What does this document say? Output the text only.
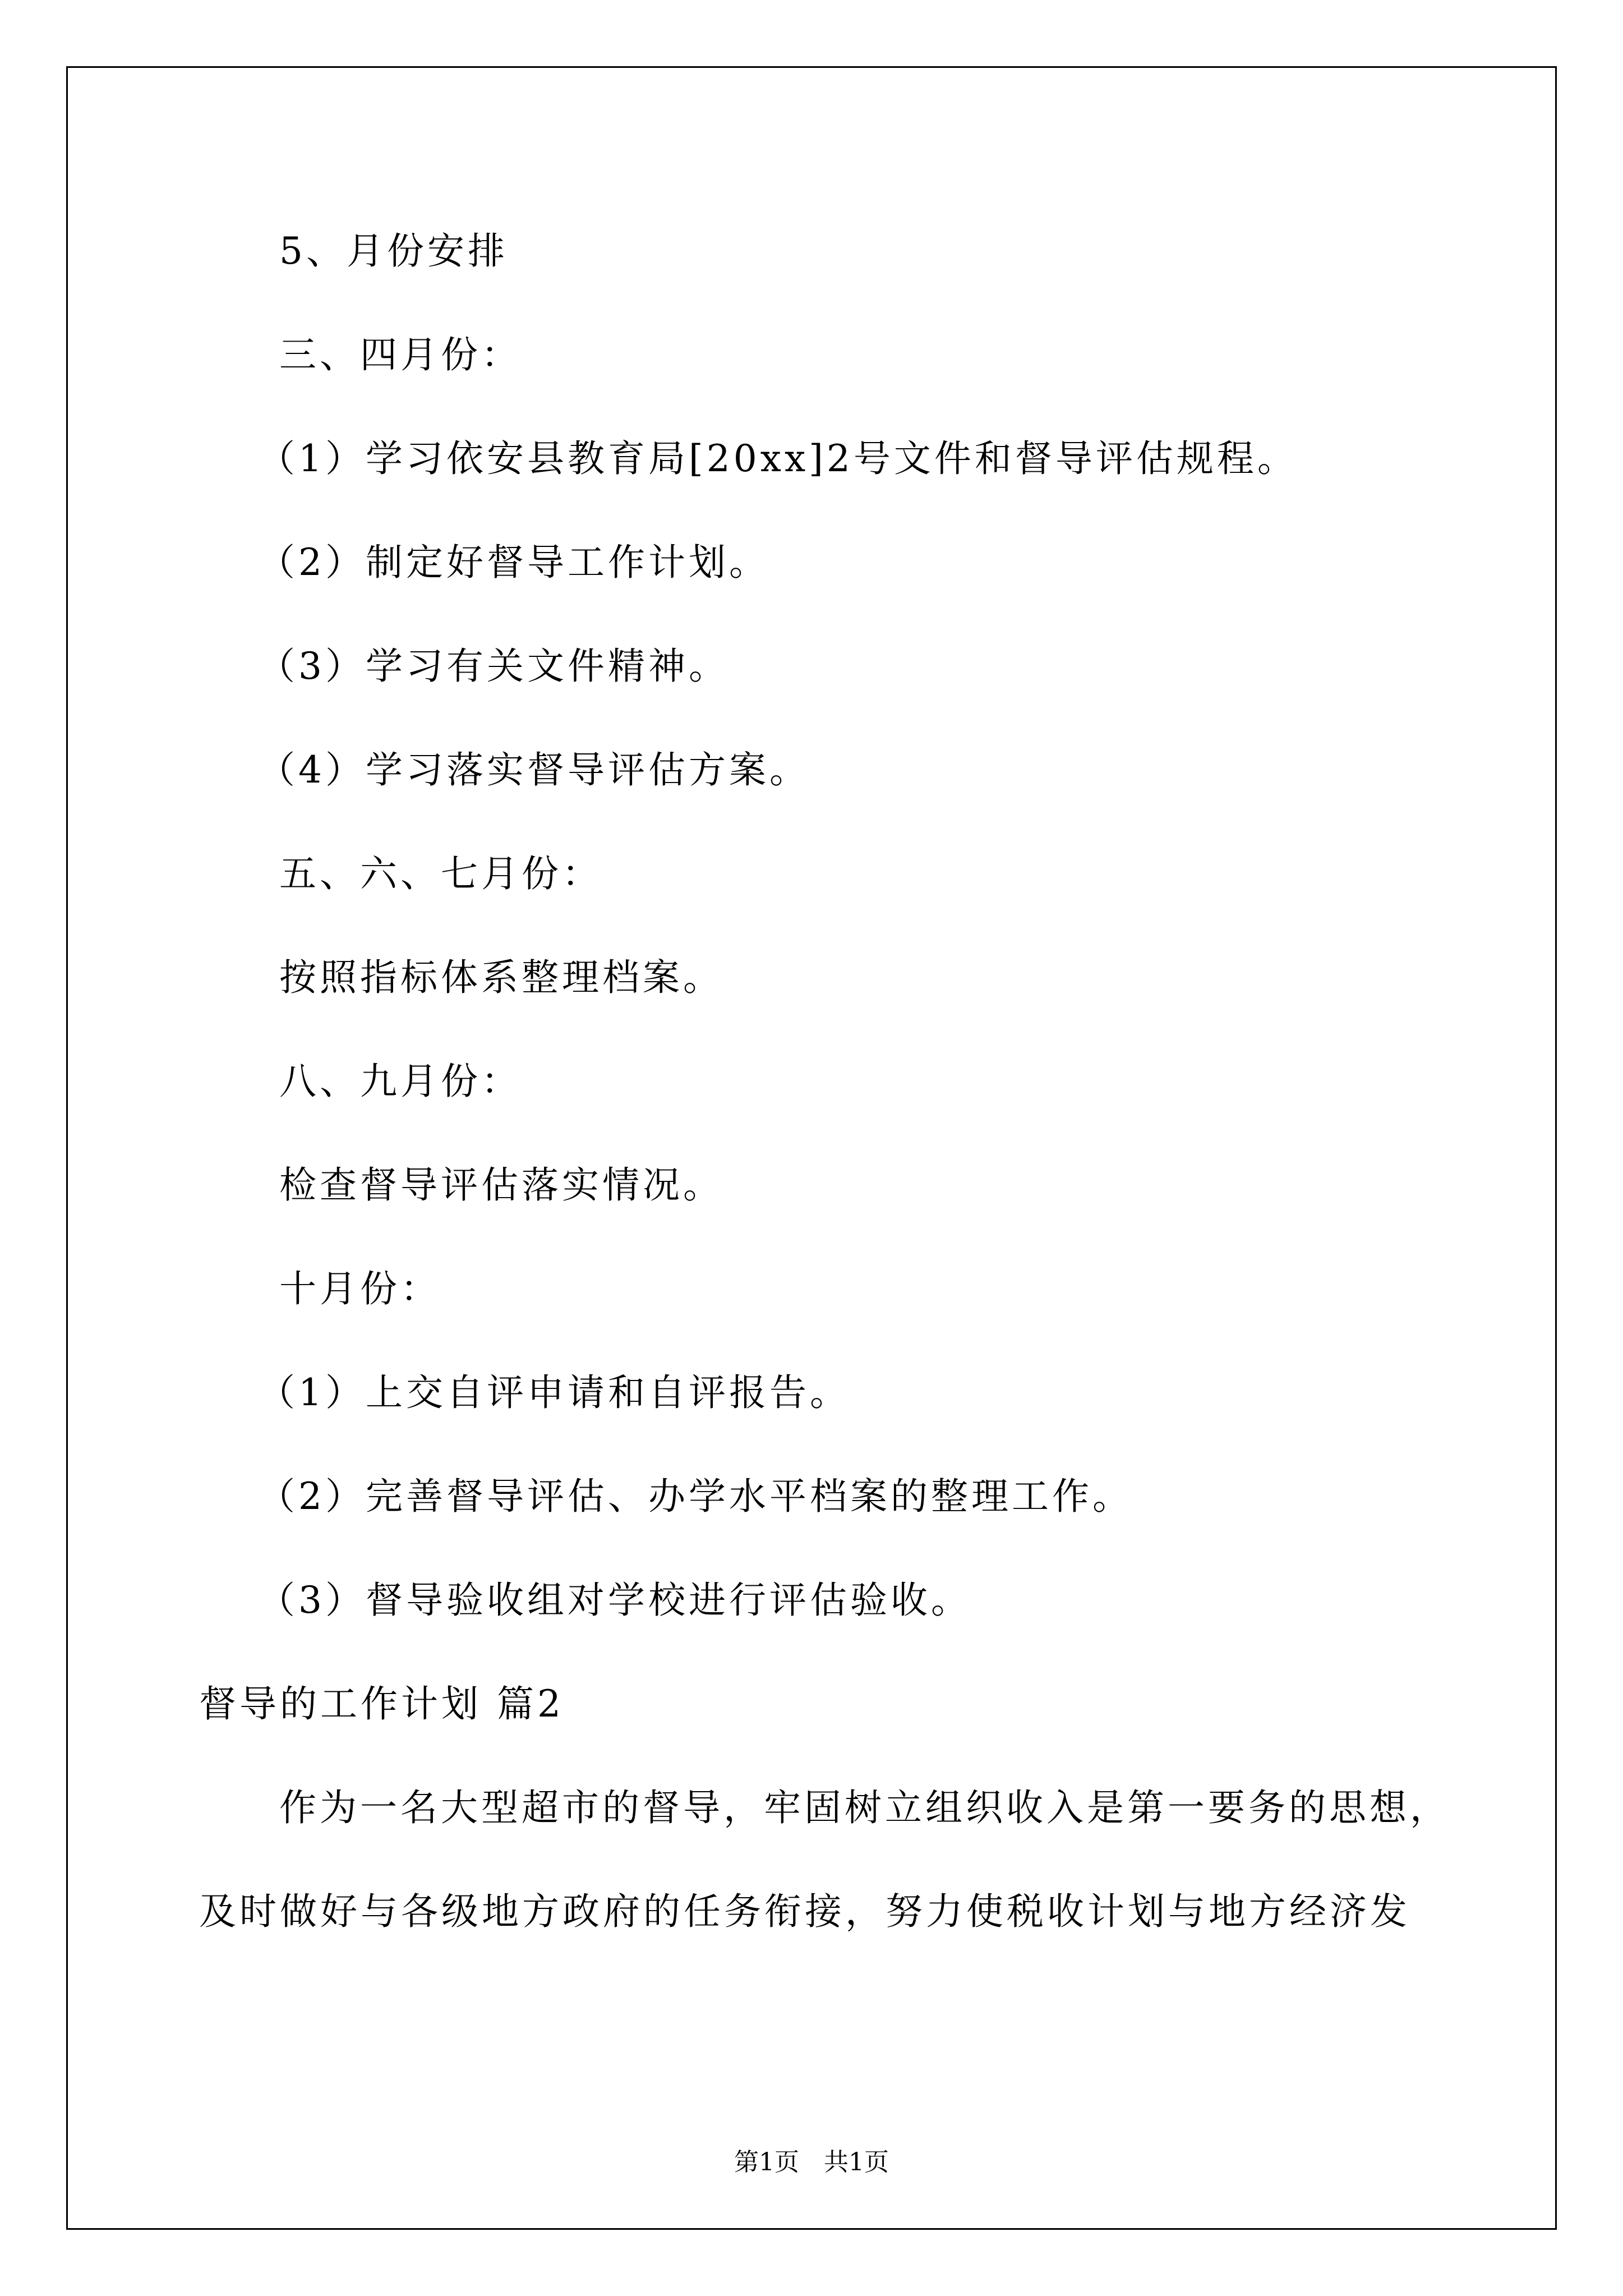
5、月份安排
三、四月份：
（1）学习依安县教育局[20xx]2号文件和督导评估规程。
（2）制定好督导工作计划。
（3）学习有关文件精神。
（4）学习落实督导评估方案。
五、六、七月份：
按照指标体系整理档案。
八、九月份：
检查督导评估落实情况。
十月份：
（1）上交自评申请和自评报告。
（2）完善督导评估、办学水平档案的整理工作。
（3）督导验收组对学校进行评估验收。
督导的工作计划 篇2
作为一名大型超市的督导，牢固树立组织收入是第一要务的思想，
及时做好与各级地方政府的任务衔接，努力使税收计划与地方经济发
第1页　共1页
